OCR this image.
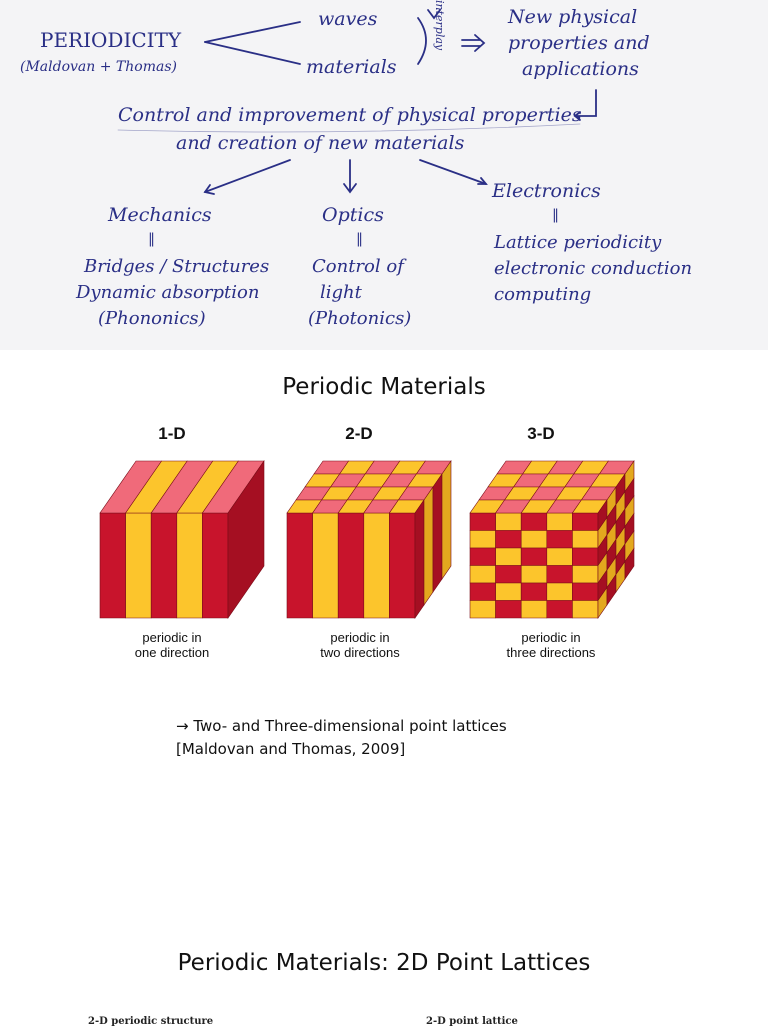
PERIODICITY
(Maldovan + Thomas)
waves
materials
interplay	New physical
properties and
applications
Control and improvement of physical properties
and creation of new materials
Mechanics	Optics
Electronics
‖	‖
‖
Bridges / Structures
Dynamic absorption
(Phononics)
Control of
light
(Photonics)
Lattice periodicity
electronic conduction
computing
Periodic Materials
1-D	2-D	3-D
periodic in
one direction
periodic in
two directions
periodic in
three directions
→ Two- and Three-dimensional point lattices
[Maldovan and Thomas, 2009]
Periodic Materials: 2D Point Lattices
2-D periodic structure	2-D point lattice
